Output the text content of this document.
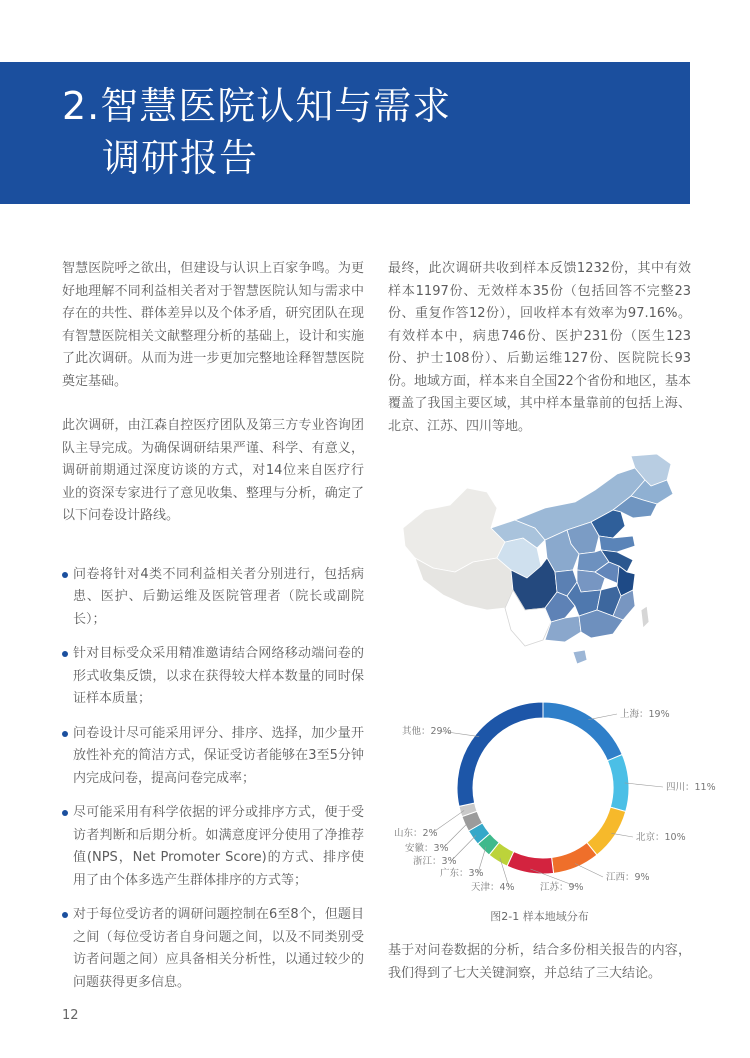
2.智慧医院认知与需求
调研报告

智慧医院呼之欲出，但建设与认识上百家争鸣。为更好地理解不同利益相关者对于智慧医院认知与需求中存在的共性、群体差异以及个体矛盾，研究团队在现有智慧医院相关文献整理分析的基础上，设计和实施了此次调研。从而为进一步更加完整地诠释智慧医院奠定基础。

此次调研，由江森自控医疗团队及第三方专业咨询团队主导完成。为确保调研结果严谨、科学、有意义，调研前期通过深度访谈的方式，对14位来自医疗行业的资深专家进行了意见收集、整理与分析，确定了以下问卷设计路线。

问卷将针对4类不同利益相关者分别进行，包括病患、医护、后勤运维及医院管理者（院长或副院长）；
针对目标受众采用精准邀请结合网络移动端问卷的形式收集反馈，以求在获得较大样本数量的同时保证样本质量；
问卷设计尽可能采用评分、排序、选择，加少量开放性补充的简洁方式，保证受访者能够在3至5分钟内完成问卷，提高问卷完成率；
尽可能采用有科学依据的评分或排序方式，便于受访者判断和后期分析。如满意度评分使用了净推荐值(NPS，Net Promoter Score)的方式、排序使用了由个体多选产生群体排序的方式等；
对于每位受访者的调研问题控制在6至8个，但题目之间（每位受访者自身问题之间，以及不同类别受访者问题之间）应具备相关分析性，以通过较少的问题获得更多信息。

最终，此次调研共收到样本反馈1232份，其中有效样本1197份、无效样本35份（包括回答不完整23份、重复作答12份），回收样本有效率为97.16%。有效样本中，病患746份、医护231份（医生123份、护士108份）、后勤运维127份、医院院长93份。地域方面，样本来自全国22个省份和地区，基本覆盖了我国主要区域，其中样本量靠前的包括上海、北京、江苏、四川等地。

上海：19%
四川：11%
北京：10%
江西：9%
江苏：9%
天津：4%
广东：3%
浙江：3%
安徽：3%
山东：2%
其他：29%
图2-1 样本地域分布

基于对问卷数据的分析，结合多份相关报告的内容，我们得到了七大关键洞察，并总结了三大结论。

12
